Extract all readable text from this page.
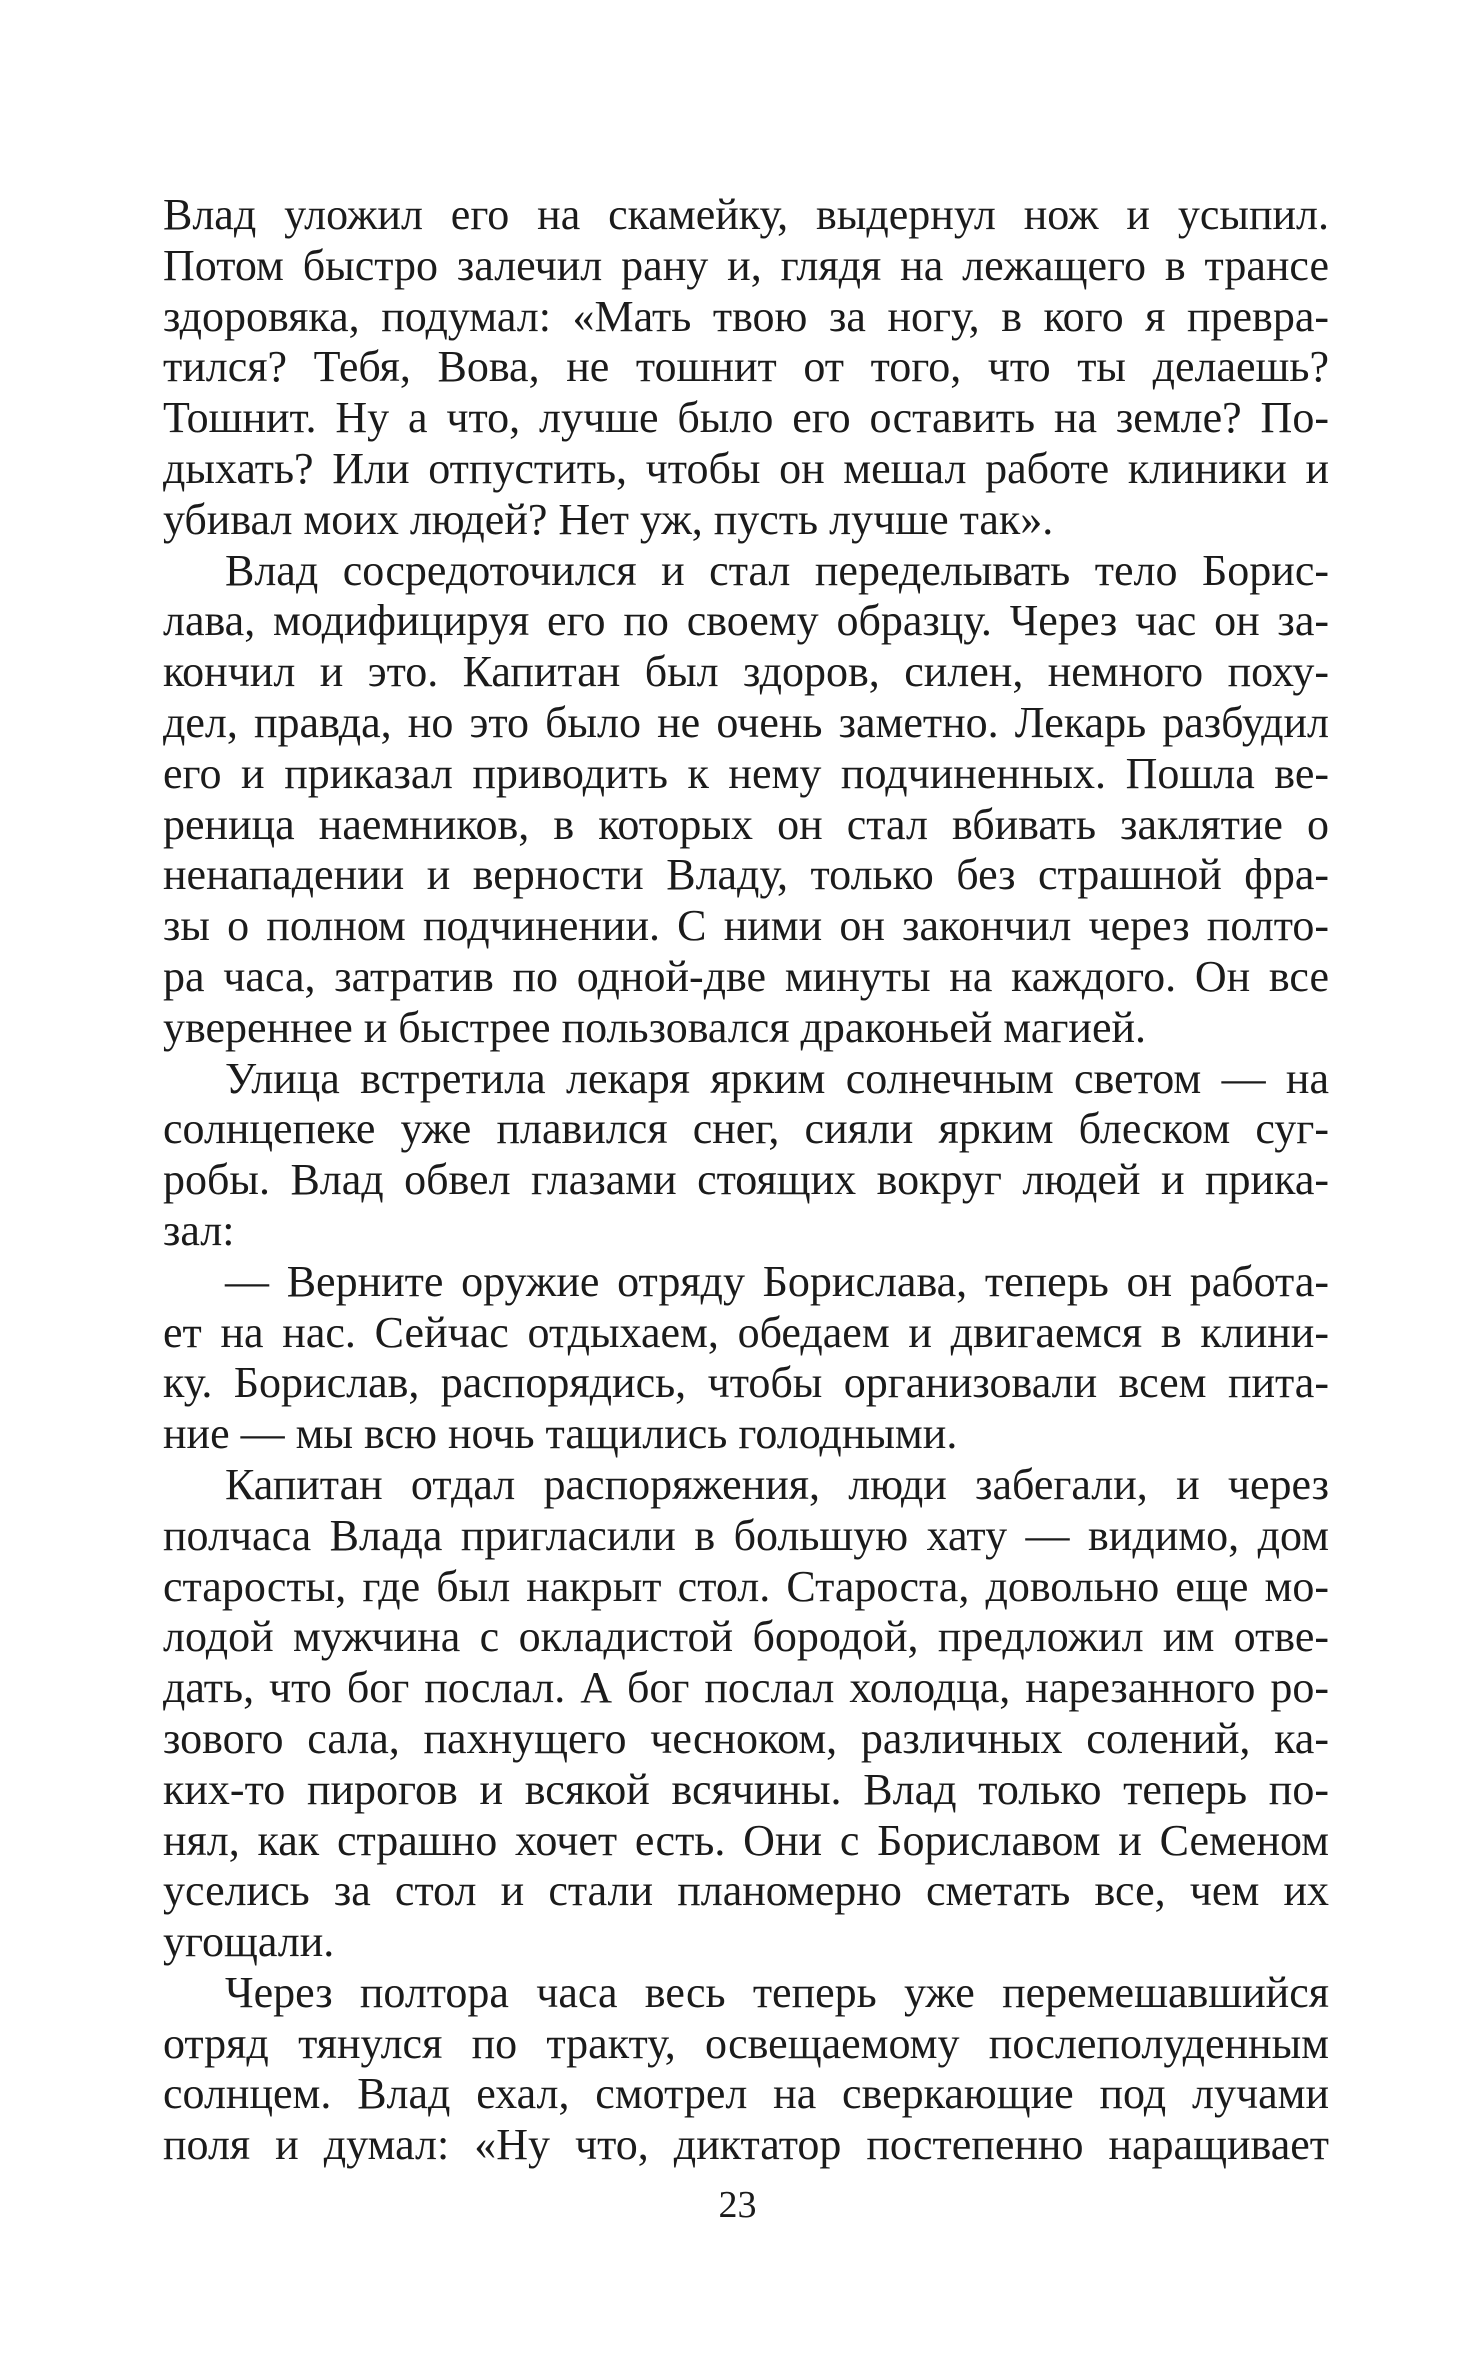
Влад уложил его на скамейку, выдернул нож и усыпил.
Потом быстро залечил рану и, глядя на лежащего в трансе
здоровяка, подумал: «Мать твою за ногу, в кого я превра-
тился? Тебя, Вова, не тошнит от того, что ты делаешь?
Тошнит. Ну а что, лучше было его оставить на земле? По-
дыхать? Или отпустить, чтобы он мешал работе клиники и
убивал моих людей? Нет уж, пусть лучше так».
Влад сосредоточился и стал переделывать тело Борис-
лава, модифицируя его по своему образцу. Через час он за-
кончил и это. Капитан был здоров, силен, немного поху-
дел, правда, но это было не очень заметно. Лекарь разбудил
его и приказал приводить к нему подчиненных. Пошла ве-
реница наемников, в которых он стал вбивать заклятие о
ненападении и верности Владу, только без страшной фра-
зы о полном подчинении. С ними он закончил через полто-
ра часа, затратив по одной-две минуты на каждого. Он все
увереннее и быстрее пользовался драконьей магией.
Улица встретила лекаря ярким солнечным светом — на
солнцепеке уже плавился снег, сияли ярким блеском суг-
робы. Влад обвел глазами стоящих вокруг людей и прика-
зал:
— Верните оружие отряду Борислава, теперь он работа-
ет на нас. Сейчас отдыхаем, обедаем и двигаемся в клини-
ку. Борислав, распорядись, чтобы организовали всем пита-
ние — мы всю ночь тащились голодными.
Капитан отдал распоряжения, люди забегали, и через
полчаса Влада пригласили в большую хату — видимо, дом
старосты, где был накрыт стол. Староста, довольно еще мо-
лодой мужчина с окладистой бородой, предложил им отве-
дать, что бог послал. А бог послал холодца, нарезанного ро-
зового сала, пахнущего чесноком, различных солений, ка-
ких-то пирогов и всякой всячины. Влад только теперь по-
нял, как страшно хочет есть. Они с Бориславом и Семеном
уселись за стол и стали планомерно сметать все, чем их
угощали.
Через полтора часа весь теперь уже перемешавшийся
отряд тянулся по тракту, освещаемому послеполуденным
солнцем. Влад ехал, смотрел на сверкающие под лучами
поля и думал: «Ну что, диктатор постепенно наращивает
23
